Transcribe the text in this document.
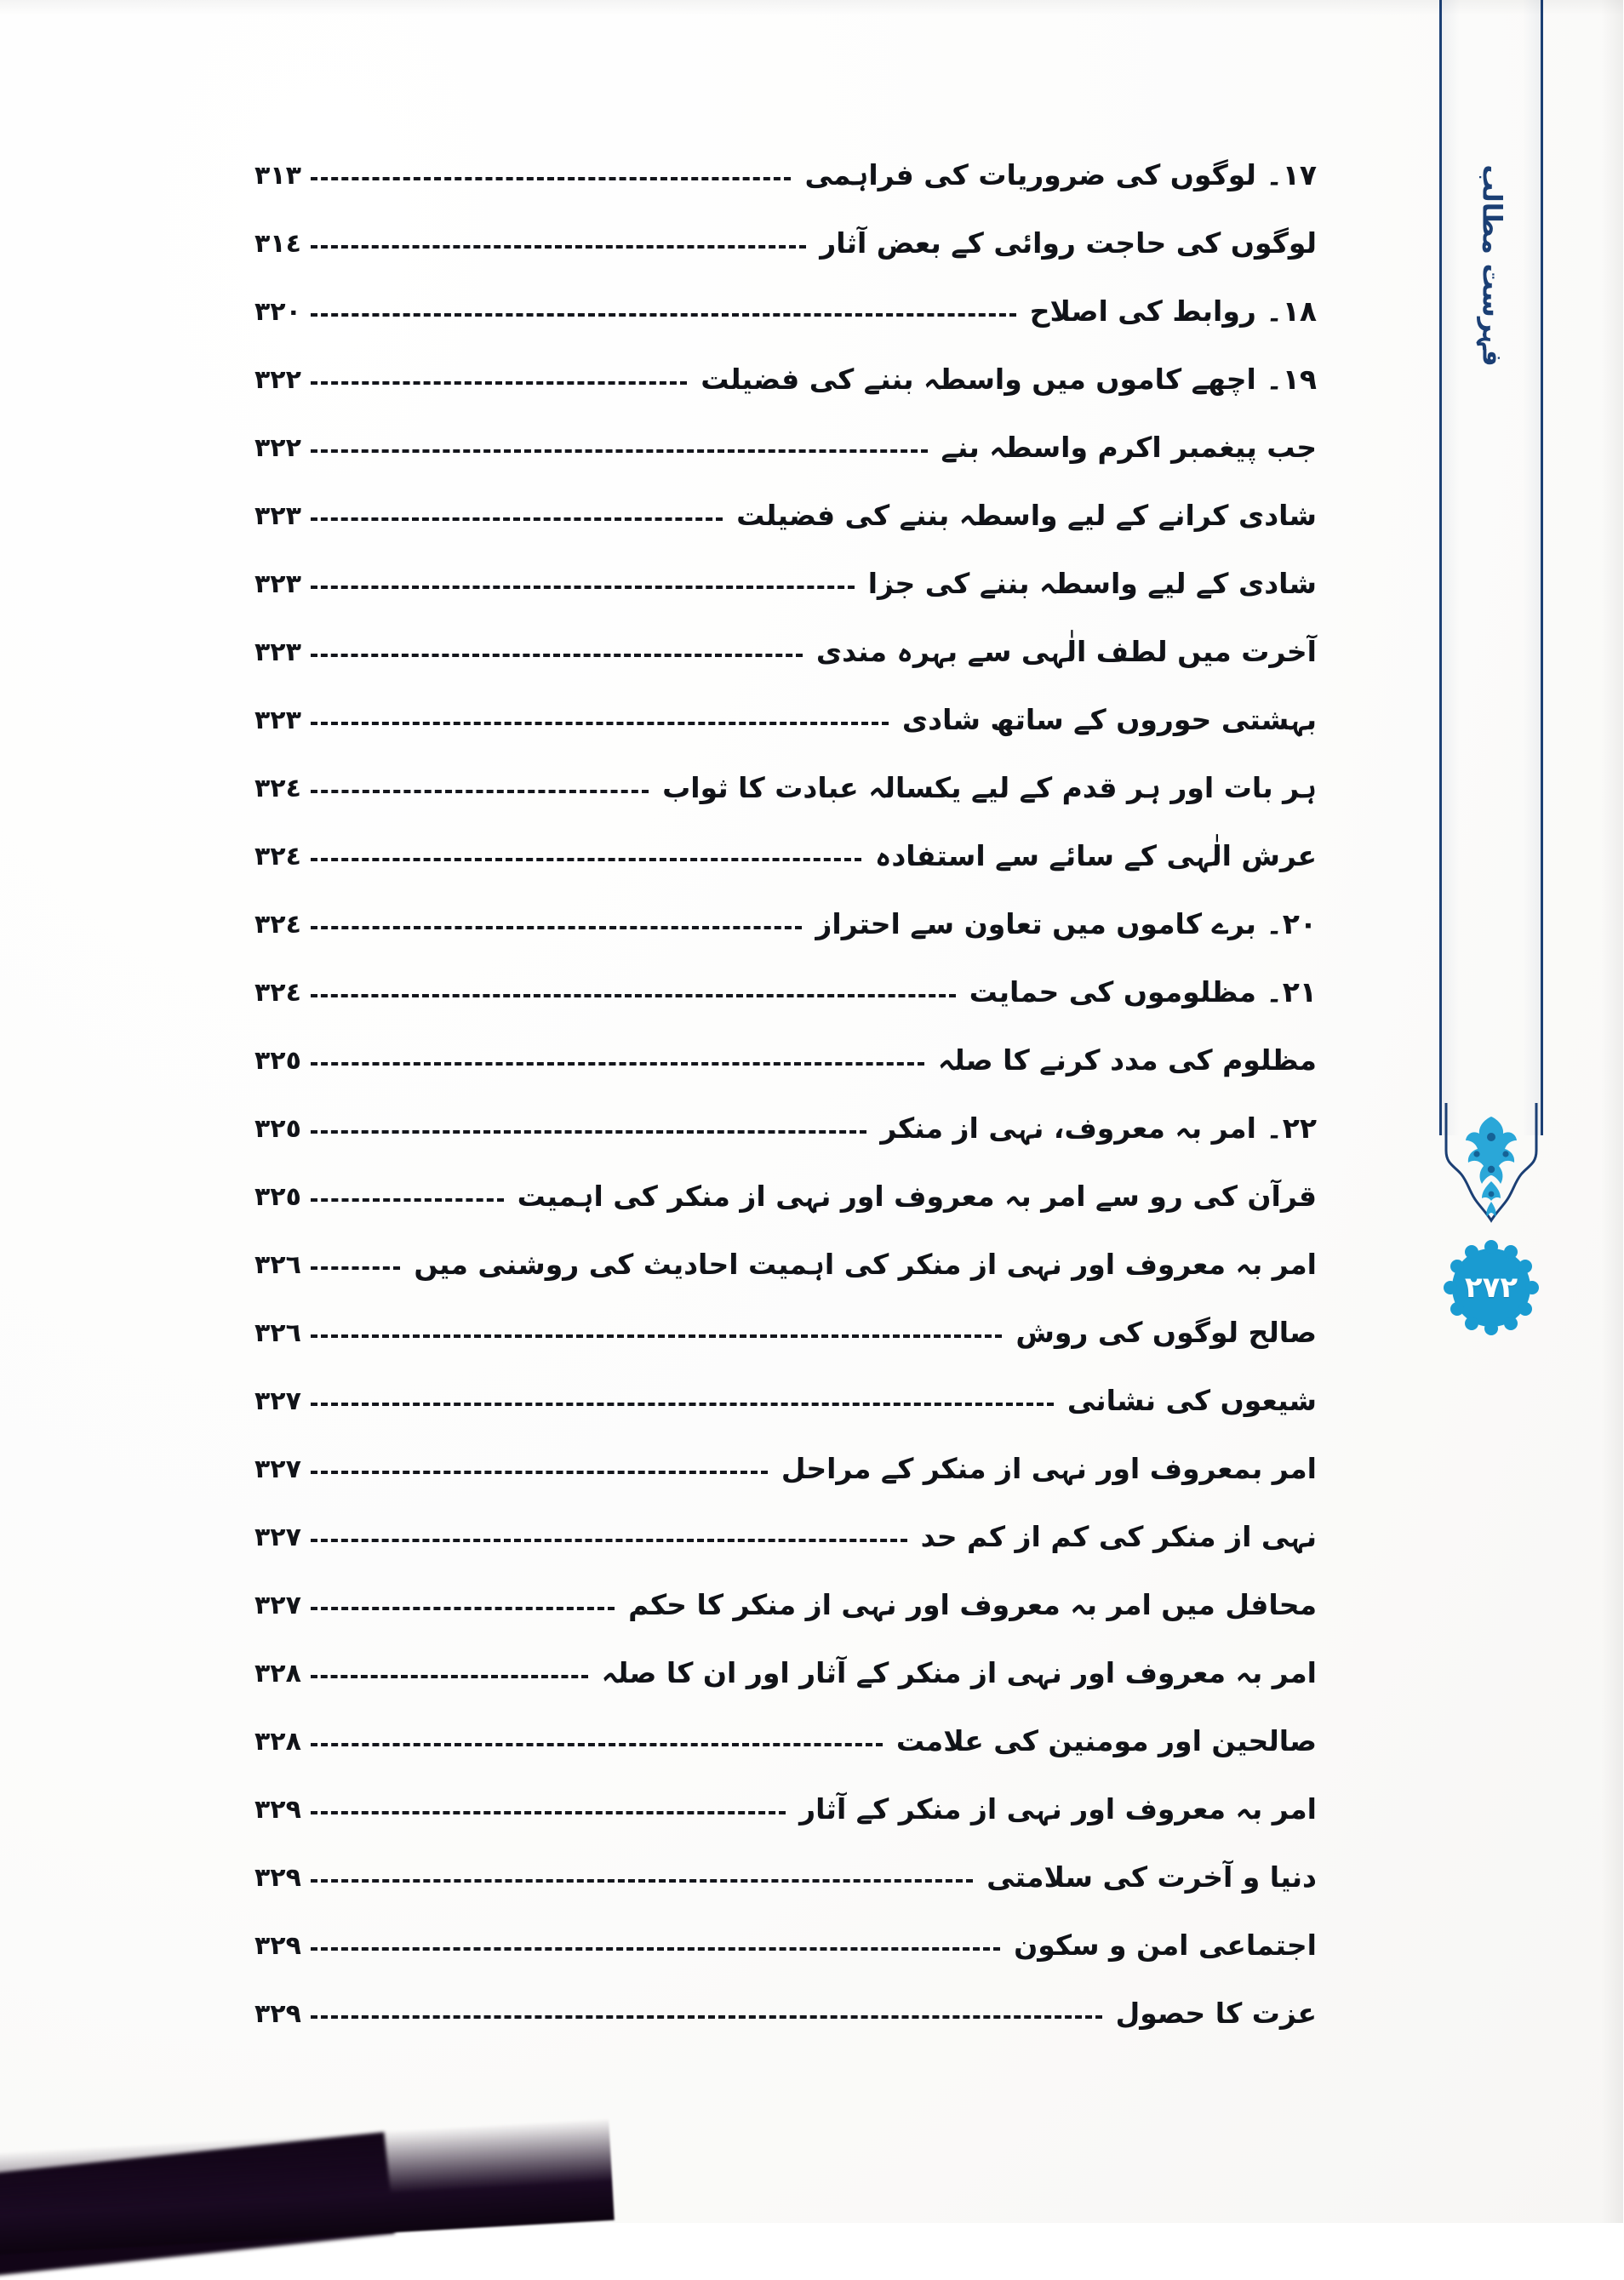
١٧۔ لوگوں کی ضروریات کی فراہمی
٣١٣
لوگوں کی حاجت روائی کے بعض آثار
٣١٤
١٨۔ روابط کی اصلاح
٣٢٠
١٩۔ اچھے کاموں میں واسطہ بننے کی فضیلت
٣٢٢
جب پیغمبر اکرم واسطہ بنے
٣٢٢
شادی کرانے کے لیے واسطہ بننے کی فضیلت
٣٢٣
شادی کے لیے واسطہ بننے کی جزا
٣٢٣
آخرت میں لطف الٰہی سے بہرہ مندی
٣٢٣
بہشتی حوروں کے ساتھ شادی
٣٢٣
ہر بات اور ہر قدم کے لیے یکسالہ عبادت کا ثواب
٣٢٤
عرش الٰہی کے سائے سے استفادہ
٣٢٤
٢٠۔ برے کاموں میں تعاون سے احتراز
٣٢٤
٢١۔ مظلوموں کی حمایت
٣٢٤
مظلوم کی مدد کرنے کا صلہ
٣٢٥
٢٢۔ امر بہ معروف، نہی از منکر
٣٢٥
قرآن کی رو سے امر بہ معروف اور نہی از منکر کی اہمیت
٣٢٥
امر بہ معروف اور نہی از منکر کی اہمیت احادیث کی روشنی میں
٣٢٦
صالح لوگوں کی روش
٣٢٦
شیعوں کی نشانی
٣٢٧
امر بمعروف اور نہی از منکر کے مراحل
٣٢٧
نہی از منکر کی کم از کم حد
٣٢٧
محافل میں امر بہ معروف اور نہی از منکر کا حکم
٣٢٧
امر بہ معروف اور نہی از منکر کے آثار اور ان کا صلہ
٣٢٨
صالحین اور مومنین کی علامت
٣٢٨
امر بہ معروف اور نہی از منکر کے آثار
٣٢٩
دنیا و آخرت کی سلامتی
٣٢٩
اجتماعی امن و سکون
٣٢٩
عزت کا حصول
٣٢٩
فہرست مطالب
٢٧٢
